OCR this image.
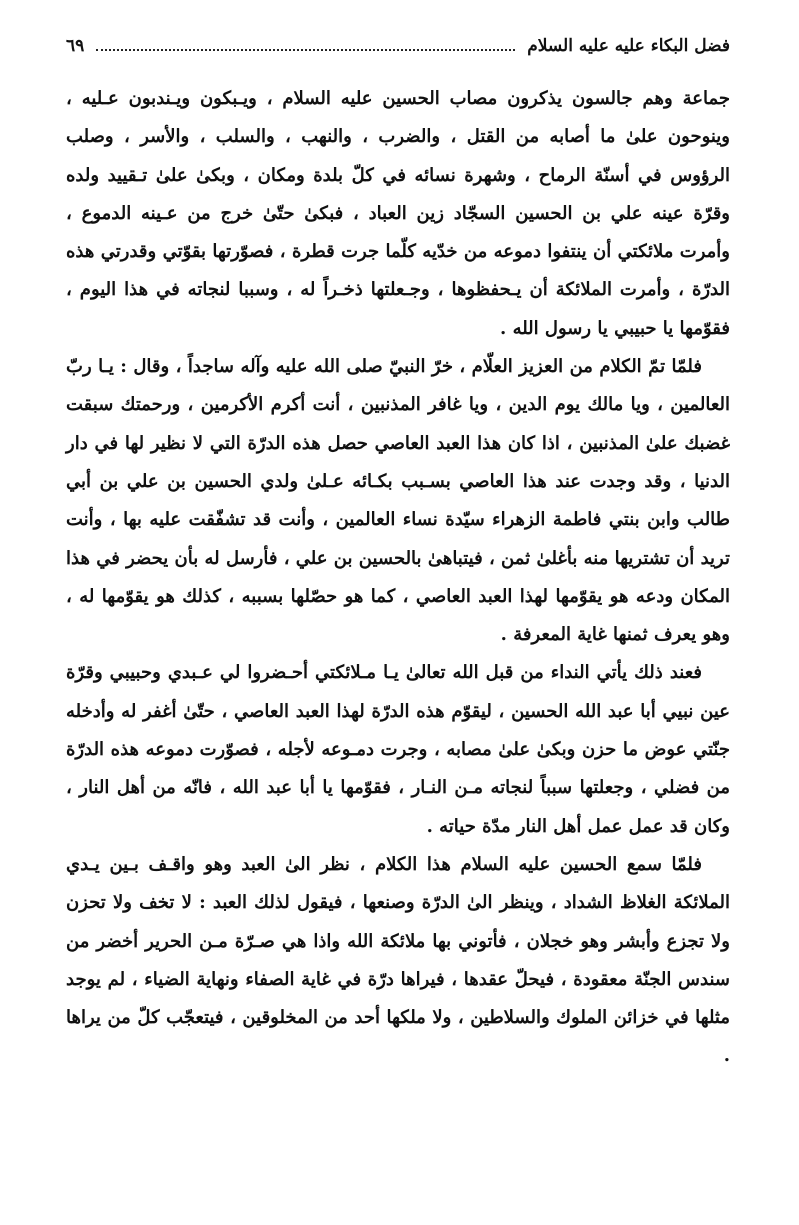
فضل البكاء عليه عليه السلام
٦٩

جماعة وهم جالسون يذكرون مصاب الحسين عليه السلام ، ويـبكون ويـندبون عـليه ، وينوحون علىٰ ما أصابه من القتل ، والضرب ، والنهب ، والسلب ، والأسر ، وصلب الرؤوس في أسنّة الرماح ، وشهرة نسائه في كلّ بلدة ومكان ، وبكىٰ علىٰ تـقييد ولده وقرّة عينه علي بن الحسين السجّاد زين العباد ، فبكىٰ حتّىٰ خرج من عـينه الدموع ، وأمرت ملائكتي أن ينتفوا دموعه من خدّيه كلّما جرت قطرة ، فصوّرتها بقوّتي وقدرتي هذه الدرّة ، وأمرت الملائكة أن يـحفظوها ، وجـعلتها ذخـراً له ، وسببا لنجاته في هذا اليوم ، فقوّمها يا حبيبي يا رسول الله .

فلمّا تمّ الكلام من العزيز العلّام ، خرّ النبيّ صلى الله عليه وآله ساجداً ، وقال : يـا ربّ العالمين ، ويا مالك يوم الدين ، ويا غافر المذنبين ، أنت أكرم الأكرمين ، ورحمتك سبقت غضبك علىٰ المذنبين ، اذا كان هذا العبد العاصي حصل هذه الدرّة التي لا نظير لها في دار الدنيا ، وقد وجدت عند هذا العاصي بسـبب بكـائه عـلىٰ ولدي الحسين بن علي بن أبي طالب وابن بنتي فاطمة الزهراء سيّدة نساء العالمين ، وأنت قد تشفّقت عليه بها ، وأنت تريد أن تشتريها منه بأغلىٰ ثمن ، فيتباهىٰ بالحسين بن علي ، فأرسل له بأن يحضر في هذا المكان ودعه هو يقوّمها لهذا العبد العاصي ، كما هو حصّلها بسببه ، كذلك هو يقوّمها له ، وهو يعرف ثمنها غاية المعرفة .

فعند ذلك يأتي النداء من قبل الله تعالىٰ يـا مـلائكتي أحـضروا لي عـبدي وحبيبي وقرّة عين نبيي أبا عبد الله الحسين ، ليقوّم هذه الدرّة لهذا العبد العاصي ، حتّىٰ أغفر له وأدخله جنّتي عوض ما حزن وبكىٰ علىٰ مصابه ، وجرت دمـوعه لأجله ، فصوّرت دموعه هذه الدرّة من فضلي ، وجعلتها سبباً لنجاته مـن النـار ، فقوّمها يا أبا عبد الله ، فانّه من أهل النار ، وكان قد عمل عمل أهل النار مدّة حياته .

فلمّا سمع الحسين عليه السلام هذا الكلام ، نظر الىٰ العبد وهو واقـف بـين يـدي الملائكة الغلاظ الشداد ، وينظر الىٰ الدرّة وصنعها ، فيقول لذلك العبد : لا تخف ولا تحزن ولا تجزع وأبشر وهو خجلان ، فأتوني بها ملائكة الله واذا هي صـرّة مـن الحرير أخضر من سندس الجنّة معقودة ، فيحلّ عقدها ، فيراها درّة في غاية الصفاء ونهاية الضياء ، لم يوجد مثلها في خزائن الملوك والسلاطين ، ولا ملكها أحد من المخلوقين ، فيتعجّب كلّ من يراها .
